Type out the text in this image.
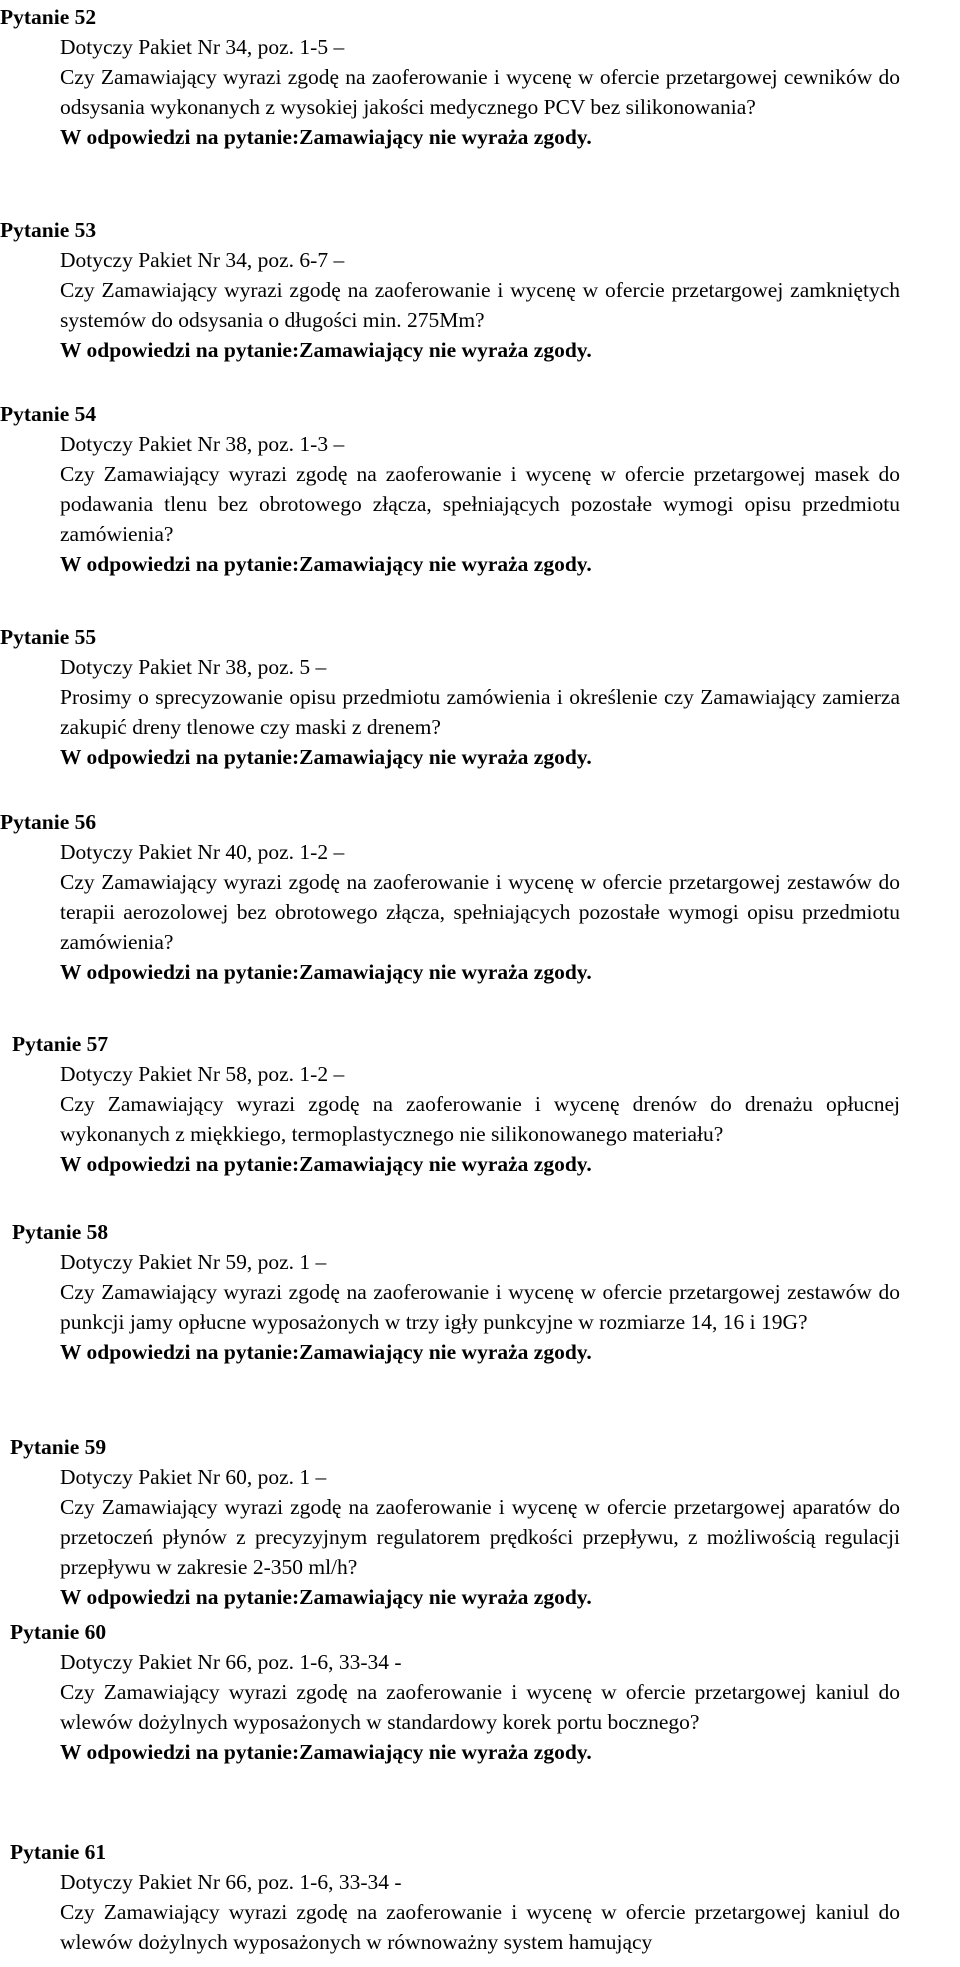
Pytanie 52
Dotyczy Pakiet Nr 34, poz. 1-5 –
Czy Zamawiający wyrazi zgodę na zaoferowanie i wycenę w ofercie przetargowej cewników do odsysania wykonanych z wysokiej jakości medycznego PCV bez silikonowania?
W odpowiedzi na pytanie:Zamawiający nie wyraża zgody.
Pytanie 53
Dotyczy Pakiet Nr 34, poz. 6-7 –
Czy Zamawiający wyrazi zgodę na zaoferowanie i wycenę w ofercie przetargowej zamkniętych systemów do odsysania o długości min. 275Mm?
W odpowiedzi na pytanie:Zamawiający nie wyraża zgody.
Pytanie 54
Dotyczy Pakiet Nr 38, poz. 1-3 –
Czy Zamawiający wyrazi zgodę na zaoferowanie i wycenę w ofercie przetargowej masek do podawania tlenu bez obrotowego złącza, spełniających pozostałe wymogi opisu przedmiotu zamówienia?
W odpowiedzi na pytanie:Zamawiający nie wyraża zgody.
Pytanie 55
Dotyczy Pakiet Nr 38, poz. 5 –
Prosimy o sprecyzowanie opisu przedmiotu zamówienia i określenie czy Zamawiający zamierza zakupić dreny tlenowe czy maski z drenem?
W odpowiedzi na pytanie:Zamawiający nie wyraża zgody.
Pytanie 56
Dotyczy Pakiet Nr 40, poz. 1-2 –
Czy Zamawiający wyrazi zgodę na zaoferowanie i wycenę w ofercie przetargowej zestawów do terapii aerozolowej bez obrotowego złącza, spełniających pozostałe wymogi opisu przedmiotu zamówienia?
W odpowiedzi na pytanie:Zamawiający nie wyraża zgody.
Pytanie 57
Dotyczy Pakiet Nr 58, poz. 1-2 –
Czy Zamawiający wyrazi zgodę na zaoferowanie i wycenę drenów do drenażu opłucnej wykonanych z miękkiego, termoplastycznego nie silikonowanego materiału?
W odpowiedzi na pytanie:Zamawiający nie wyraża zgody.
Pytanie 58
Dotyczy Pakiet Nr 59, poz. 1 –
Czy Zamawiający wyrazi zgodę na zaoferowanie i wycenę w ofercie przetargowej zestawów do punkcji jamy opłucne wyposażonych w trzy igły punkcyjne w rozmiarze 14, 16 i 19G?
W odpowiedzi na pytanie:Zamawiający nie wyraża zgody.
Pytanie 59
Dotyczy Pakiet Nr 60, poz. 1 –
Czy Zamawiający wyrazi zgodę na zaoferowanie i wycenę w ofercie przetargowej aparatów do przetoczeń płynów z precyzyjnym regulatorem prędkości przepływu, z możliwością regulacji przepływu w zakresie 2-350 ml/h?
W odpowiedzi na pytanie:Zamawiający nie wyraża zgody.
Pytanie 60
Dotyczy Pakiet Nr 66, poz. 1-6, 33-34 -
Czy Zamawiający wyrazi zgodę na zaoferowanie i wycenę w ofercie przetargowej kaniul do wlewów dożylnych wyposażonych w standardowy korek portu bocznego?
W odpowiedzi na pytanie:Zamawiający nie wyraża zgody.
Pytanie 61
Dotyczy Pakiet Nr 66, poz. 1-6, 33-34 -
Czy Zamawiający wyrazi zgodę na zaoferowanie i wycenę w ofercie przetargowej kaniul do wlewów dożylnych wyposażonych w równoważny system hamujący
